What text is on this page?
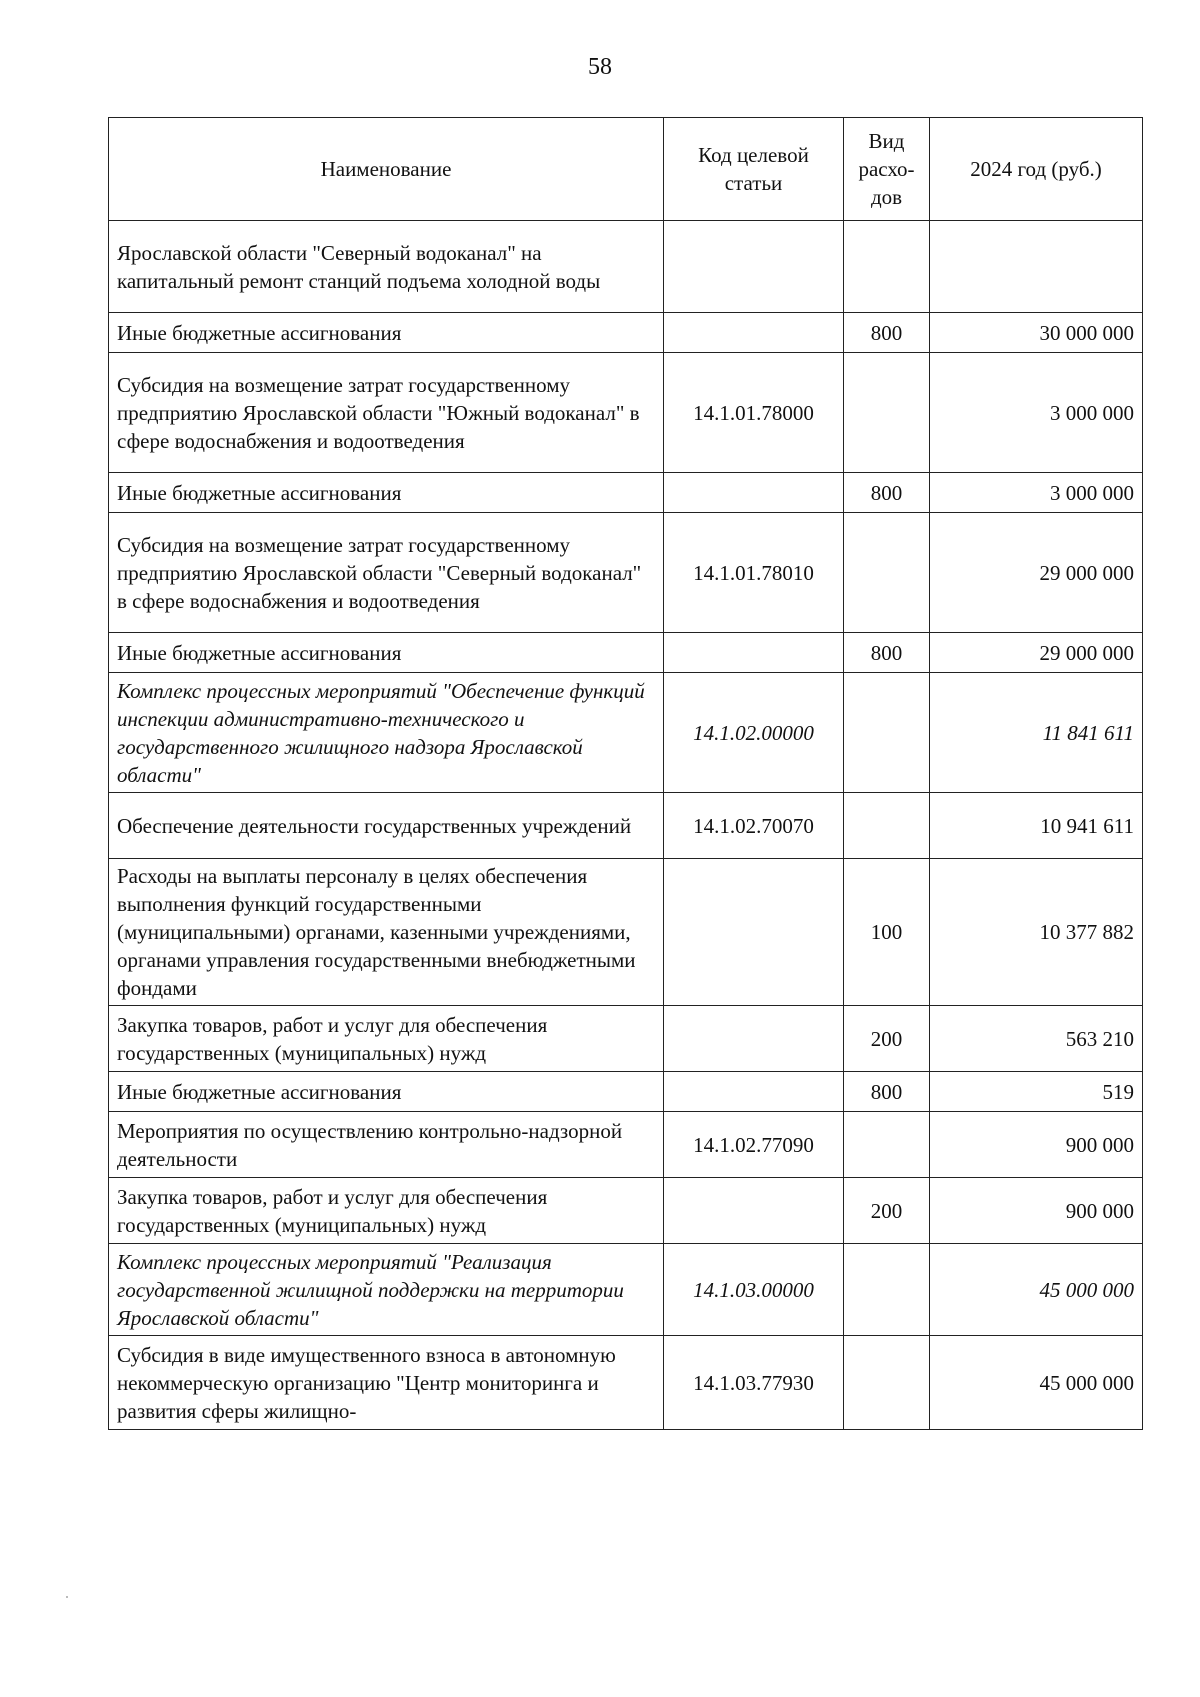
58
Наименование	Код целевой статьи	Вид расхо-дов	2024 год (руб.)
Ярославской области "Северный водоканал" на капитальный ремонт станций подъема холодной воды			
Иные бюджетные ассигнования		800	30 000 000
Субсидия на возмещение затрат государственному предприятию Ярославской области "Южный водоканал" в сфере водоснабжения и водоотведения	14.1.01.78000		3 000 000
Иные бюджетные ассигнования		800	3 000 000
Субсидия на возмещение затрат государственному предприятию Ярославской области "Северный водоканал" в сфере водоснабжения и водоотведения	14.1.01.78010		29 000 000
Иные бюджетные ассигнования		800	29 000 000
Комплекс процессных мероприятий "Обеспечение функций инспекции административно-технического и государственного жилищного надзора Ярославской области"	14.1.02.00000		11 841 611
Обеспечение деятельности государственных учреждений	14.1.02.70070		10 941 611
Расходы на выплаты персоналу в целях обеспечения выполнения функций государственными (муниципальными) органами, казенными учреждениями, органами управления государственными внебюджетными фондами		100	10 377 882
Закупка товаров, работ и услуг для обеспечения государственных (муниципальных) нужд		200	563 210
Иные бюджетные ассигнования		800	519
Мероприятия по осуществлению контрольно-надзорной деятельности	14.1.02.77090		900 000
Закупка товаров, работ и услуг для обеспечения государственных (муниципальных) нужд		200	900 000
Комплекс процессных мероприятий "Реализация государственной жилищной поддержки на территории Ярославской области"	14.1.03.00000		45 000 000
Субсидия в виде имущественного взноса в автономную некоммерческую организацию "Центр мониторинга и развития сферы жилищно-	14.1.03.77930		45 000 000
